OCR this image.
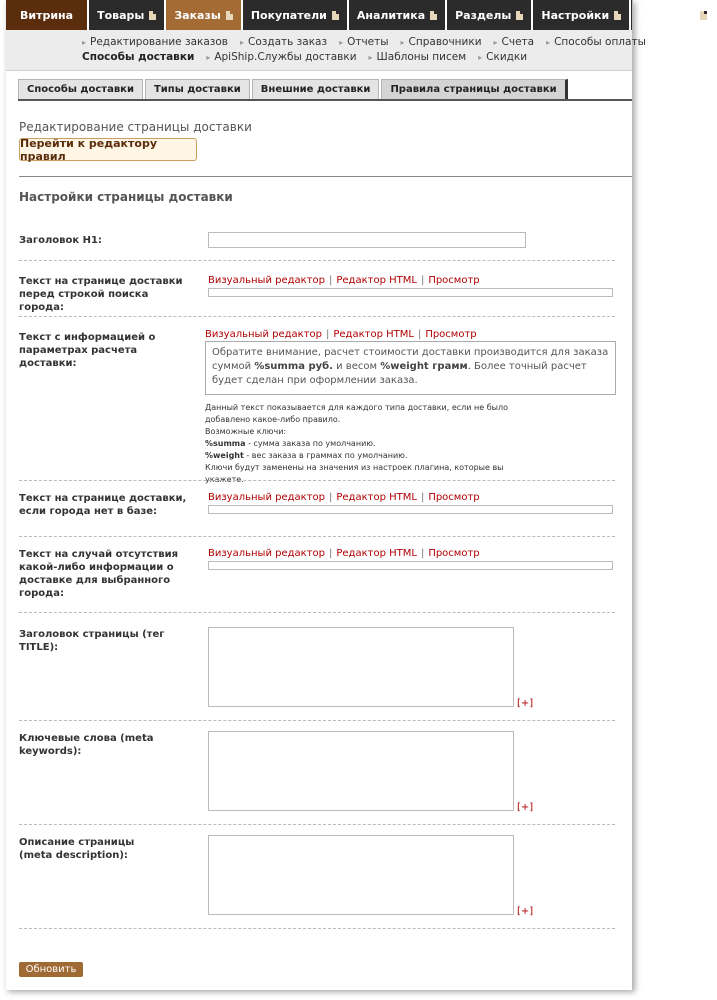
Витрина Товары	Заказы	Покупатели	Аналитика	Разделы	Настройки	Плагины
▸ Редактирование заказов	▸ Создать заказ	▸ Отчеты	▸ Справочники	▸ Счета	▸ Способы оплаты
Способы доставки	▸ ApiShip.Службы доставки	▸ Шаблоны писем	▸ Скидки
Способы доставки	Типы доставки	Внешние доставки	Правила страницы доставки
Редактирование страницы доставки
Перейти к редактору правил
Настройки страницы доставки
Заголовок H1:
Текст на странице доставки перед строкой поиска города:
Визуальный редактор | Редактор HTML | Просмотр
Текст с информацией о параметрах расчета доставки:
Визуальный редактор | Редактор HTML | Просмотр
Обратите внимание, расчет стоимости доставки производится для заказа суммой %summa руб. и весом %weight грамм. Более точный расчет будет сделан при оформлении заказа.
Данный текст показывается для каждого типа доставки, если не было добавлено какое-либо правило.
Возможные ключи:
%summa - сумма заказа по умолчанию.
%weight - вес заказа в граммах по умолчанию.
Ключи будут заменены на значения из настроек плагина, которые вы укажете.
Текст на странице доставки, если города нет в базе:
Визуальный редактор | Редактор HTML | Просмотр
Текст на случай отсутствия какой-либо информации о доставке для выбранного города:
Визуальный редактор | Редактор HTML | Просмотр
Заголовок страницы (тег TITLE):
[+]
Ключевые слова (meta keywords):
[+]
Описание страницы (meta description):
[+]
Обновить
